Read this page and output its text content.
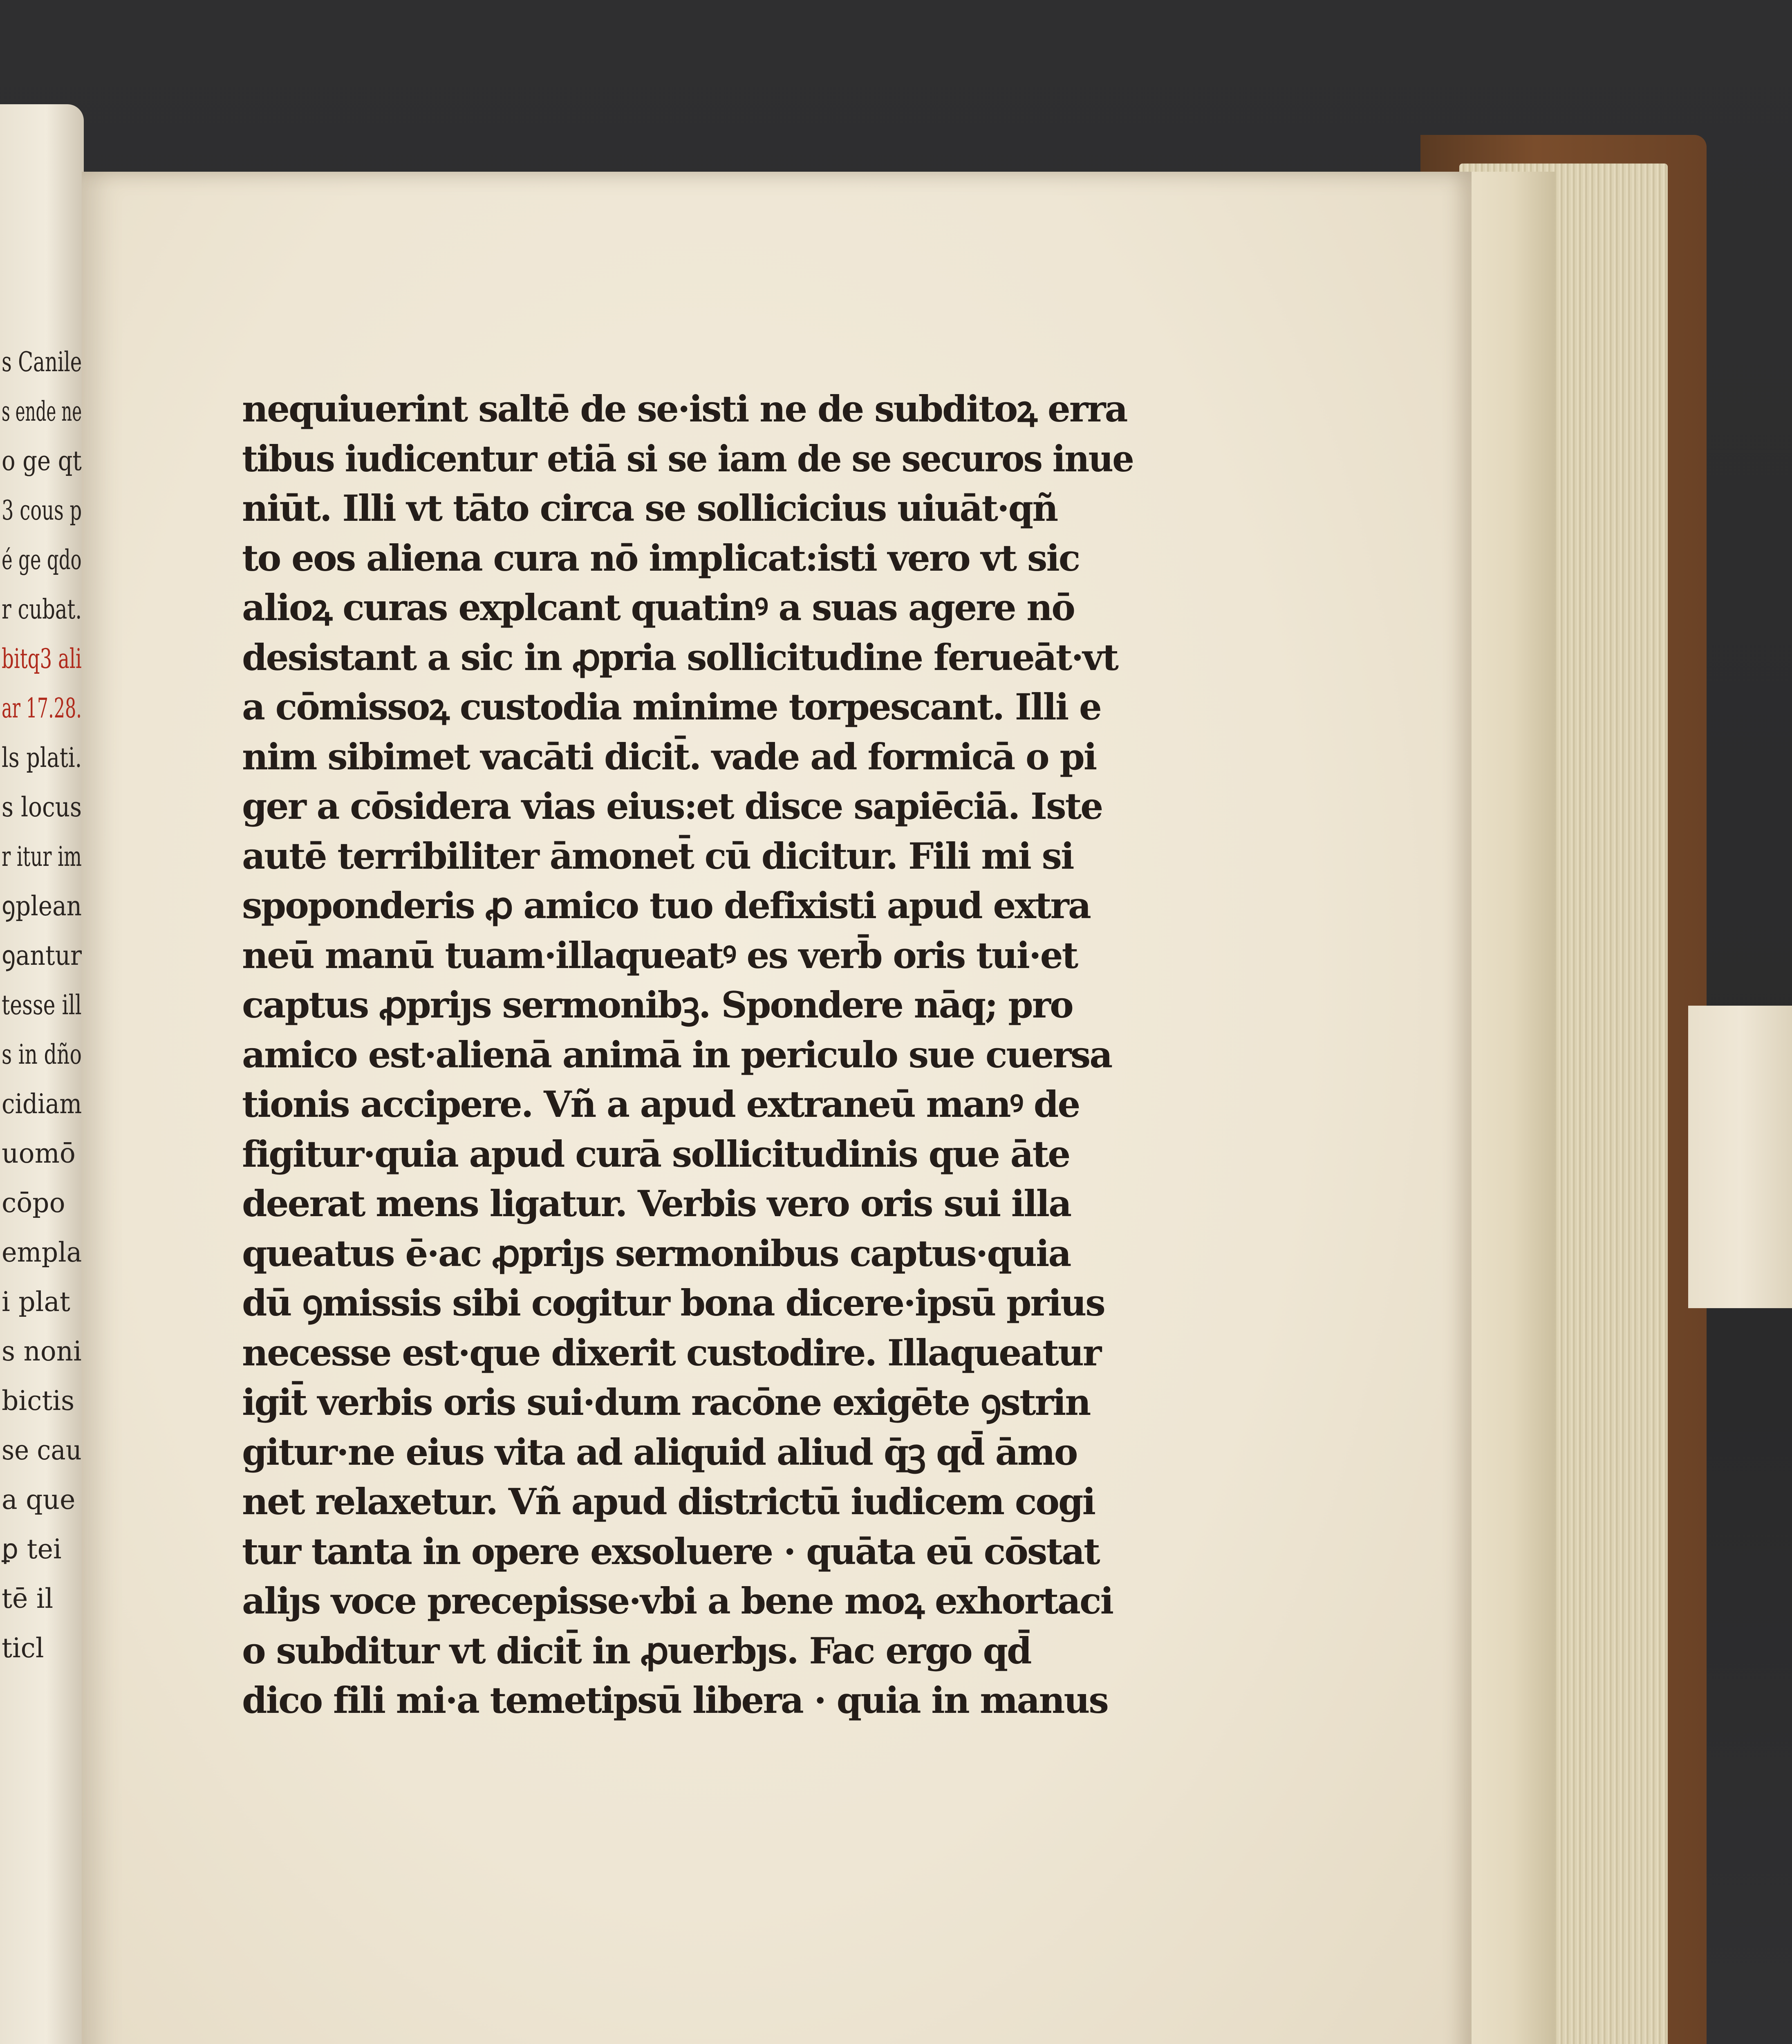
s Canile
s ende ne
o ge qt
3 cous p
é ge qdo
r cubat.
bitq3 ali
ar 17.28.
ls plati.
s locus
r itur im
ꝯplean
ꝯantur
tesse ill
s in dño
cidiam
uomō
cōpo
empla
i plat
s noni
bictis
se cau
a que
ꝑ tei
tē il
ticl
nequiuerint saltē de se·isti ne de subditoꝝ erra
tibus iudicentur etiā si se iam de se securos inue
niūt. Illi vt tāto circa se sollicicius uiuāt·qñ
to eos aliena cura nō implicat:isti vero vt sic
alioꝝ curas explcant quatinꝰ a suas agere nō
desistant a sic in ꝓpria sollicitudine ferueāt·vt
a cōmissoꝝ custodia minime torpescant. Illi e
nim sibimet vacāti dicit̄. vade ad formicā o pi
ger a cōsidera vias eius:et disce sapiēciā. Iste
autē terribiliter āmonet̄ cū dicitur. Fili mi si
spoponderis ꝓ amico tuo defixisti apud extra
neū manū tuam·illaqueatꝰ es verb̄ oris tui·et
captus ꝓpriȷs sermonibꝫ. Spondere nāq; pro
amico est·alienā animā in periculo sue cuersa
tionis accipere. Vñ a apud extraneū manꝰ de
figitur·quia apud curā sollicitudinis que āte
deerat mens ligatur. Verbis vero oris sui illa
queatus ē·ac ꝓpriȷs sermonibus captus·quia
dū ꝯmissis sibi cogitur bona dicere·ipsū prius
necesse est·que dixerit custodire. Illaqueatur
igit̄ verbis oris sui·dum racōne exigēte ꝯstrin
gitur·ne eius vita ad aliquid aliud q̄ꝫ qd̄ āmo
net relaxetur. Vñ apud districtū iudicem cogi
tur tanta in opere exsoluere · quāta eū cōstat
aliȷs voce precepisse·vbi a bene moꝝ exhortaci
o subditur vt dicit̄ in ꝓuerbȷs. Fac ergo qd̄
dico fili mi·a temetipsū libera · quia in manus
